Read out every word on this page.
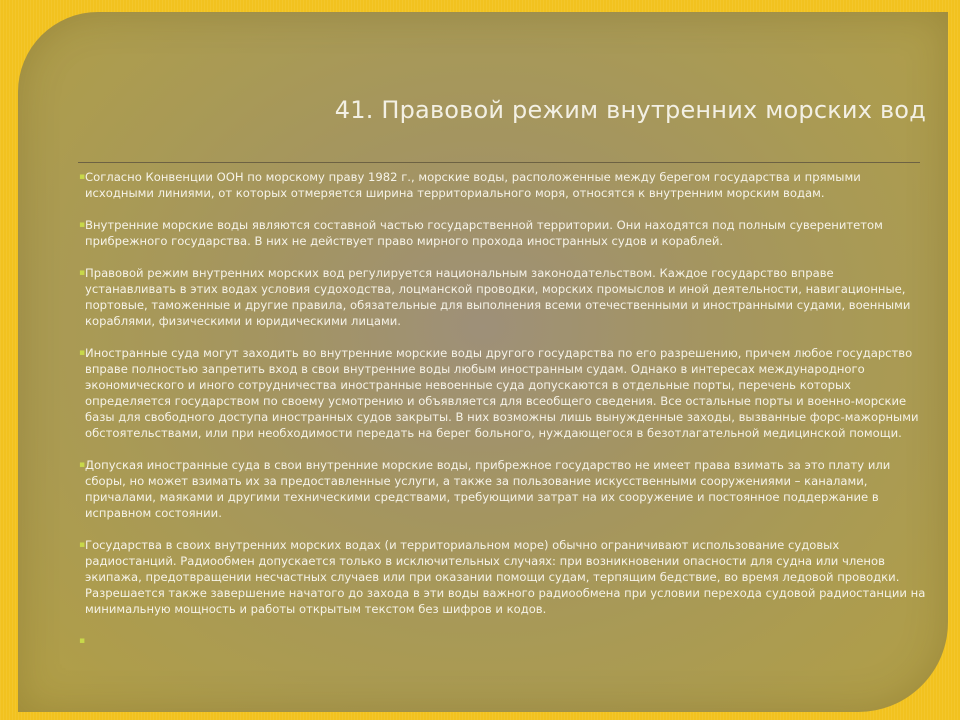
41. Правовой режим внутренних морских вод
▪ Согласно Конвенции ООН по морскому праву 1982 г., морские воды, расположенные между берегом государства и прямыми исходными линиями, от которых отмеряется ширина территориального моря, относятся к внутренним морским водам.
▪ Внутренние морские воды являются составной частью государственной территории. Они находятся под полным суверенитетом прибрежного государства. В них не действует право мирного прохода иностранных судов и кораблей.
▪ Правовой режим внутренних морских вод регулируется национальным законодательством. Каждое государство вправе устанавливать в этих водах условия судоходства, лоцманской проводки, морских промыслов и иной деятельности, навигационные, портовые, таможенные и другие правила, обязательные для выполнения всеми отечественными и иностранными судами, военными кораблями, физическими и юридическими лицами.
▪ Иностранные суда могут заходить во внутренние морские воды другого государства по его разрешению, причем любое государство вправе полностью запретить вход в свои внутренние воды любым иностранным судам. Однако в интересах международного экономического и иного сотрудничества иностранные невоенные суда допускаются в отдельные порты, перечень которых определяется государством по своему усмотрению и объявляется для всеобщего сведения. Все остальные порты и военно-морские базы для свободного доступа иностранных судов закрыты. В них возможны лишь вынужденные заходы, вызванные форс-мажорными обстоятельствами, или при необходимости передать на берег больного, нуждающегося в безотлагательной медицинской помощи.
▪ Допуская иностранные суда в свои внутренние морские воды, прибрежное государство не имеет права взимать за это плату или сборы, но может взимать их за предоставленные услуги, а также за пользование искусственными сооружениями – каналами, причалами, маяками и другими техническими средствами, требующими затрат на их сооружение и постоянное поддержание в исправном состоянии.
▪ Государства в своих внутренних морских водах (и территориальном море) обычно ограничивают использование судовых радиостанций. Радиообмен допускается только в исключительных случаях: при возникновении опасности для судна или членов экипажа, предотвращении несчастных случаев или при оказании помощи судам, терпящим бедствие, во время ледовой проводки. Разрешается также завершение начатого до захода в эти воды важного радиообмена при условии перехода судовой радиостанции на минимальную мощность и работы открытым текстом без шифров и кодов.
▪
